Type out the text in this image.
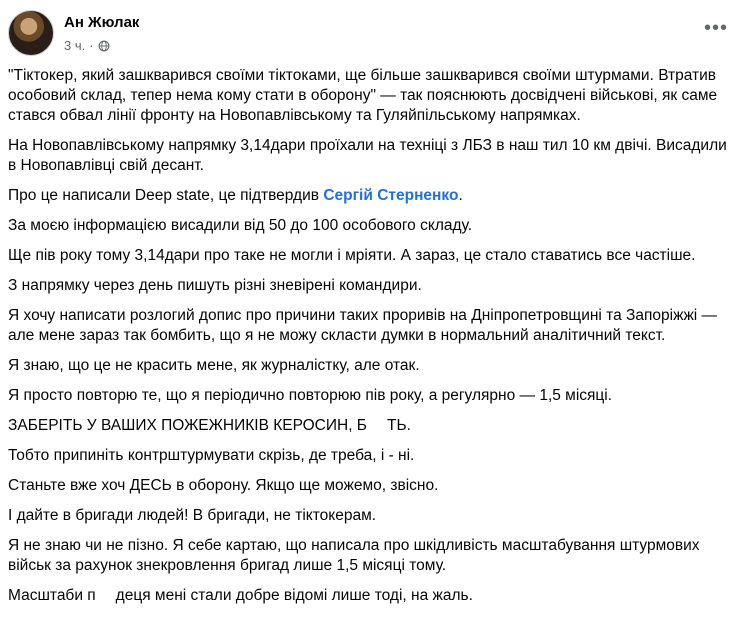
Ан Жюлак
3 ч. ·
•••

"Тіктокер, який зашкварився своїми тіктоками, ще більше зашкварився своїми штурмами. Втратив особовий склад, тепер нема кому стати в оборону" — так пояснюють досвідчені військові, як саме стався обвал лінії фронту на Новопавлівському та Гуляйпільському напрямках.

На Новопавлівському напрямку 3,14дари проїхали на техніці з ЛБЗ в наш тил 10 км двічі. Висадили в Новопавлівці свій десант.

Про це написали Deep state, це підтвердив Сергій Стерненко.

За моєю інформацією висадили від 50 до 100 особового складу.

Ще пів року тому 3,14дари про таке не могли і мріяти. А зараз, це стало ставатись все частіше.

З напрямку через день пишуть різні зневірені командири.

Я хочу написати розлогий допис про причини таких проривів на Дніпропетровщині та Запоріжжі — але мене зараз так бомбить, що я не можу скласти думки в нормальний аналітичний текст.

Я знаю, що це не красить мене, як журналістку, але отак.

Я просто повторю те, що я періодично повторюю пів року, а регулярно — 1,5 місяці.

ЗАБЕРІТЬ У ВАШИХ ПОЖЕЖНИКІВ КЕРОСИН, Б ТЬ.

Тобто припиніть контрштурмувати скрізь, де треба, і - ні.

Станьте вже хоч ДЕСЬ в оборону. Якщо ще можемо, звісно.

І дайте в бригади людей! В бригади, не тіктокерам.

Я не знаю чи не пізно. Я себе картаю, що написала про шкідливість масштабування штурмових військ за рахунок знекровлення бригад лише 1,5 місяці тому.

Масштаби п деця мені стали добре відомі лише тоді, на жаль.
